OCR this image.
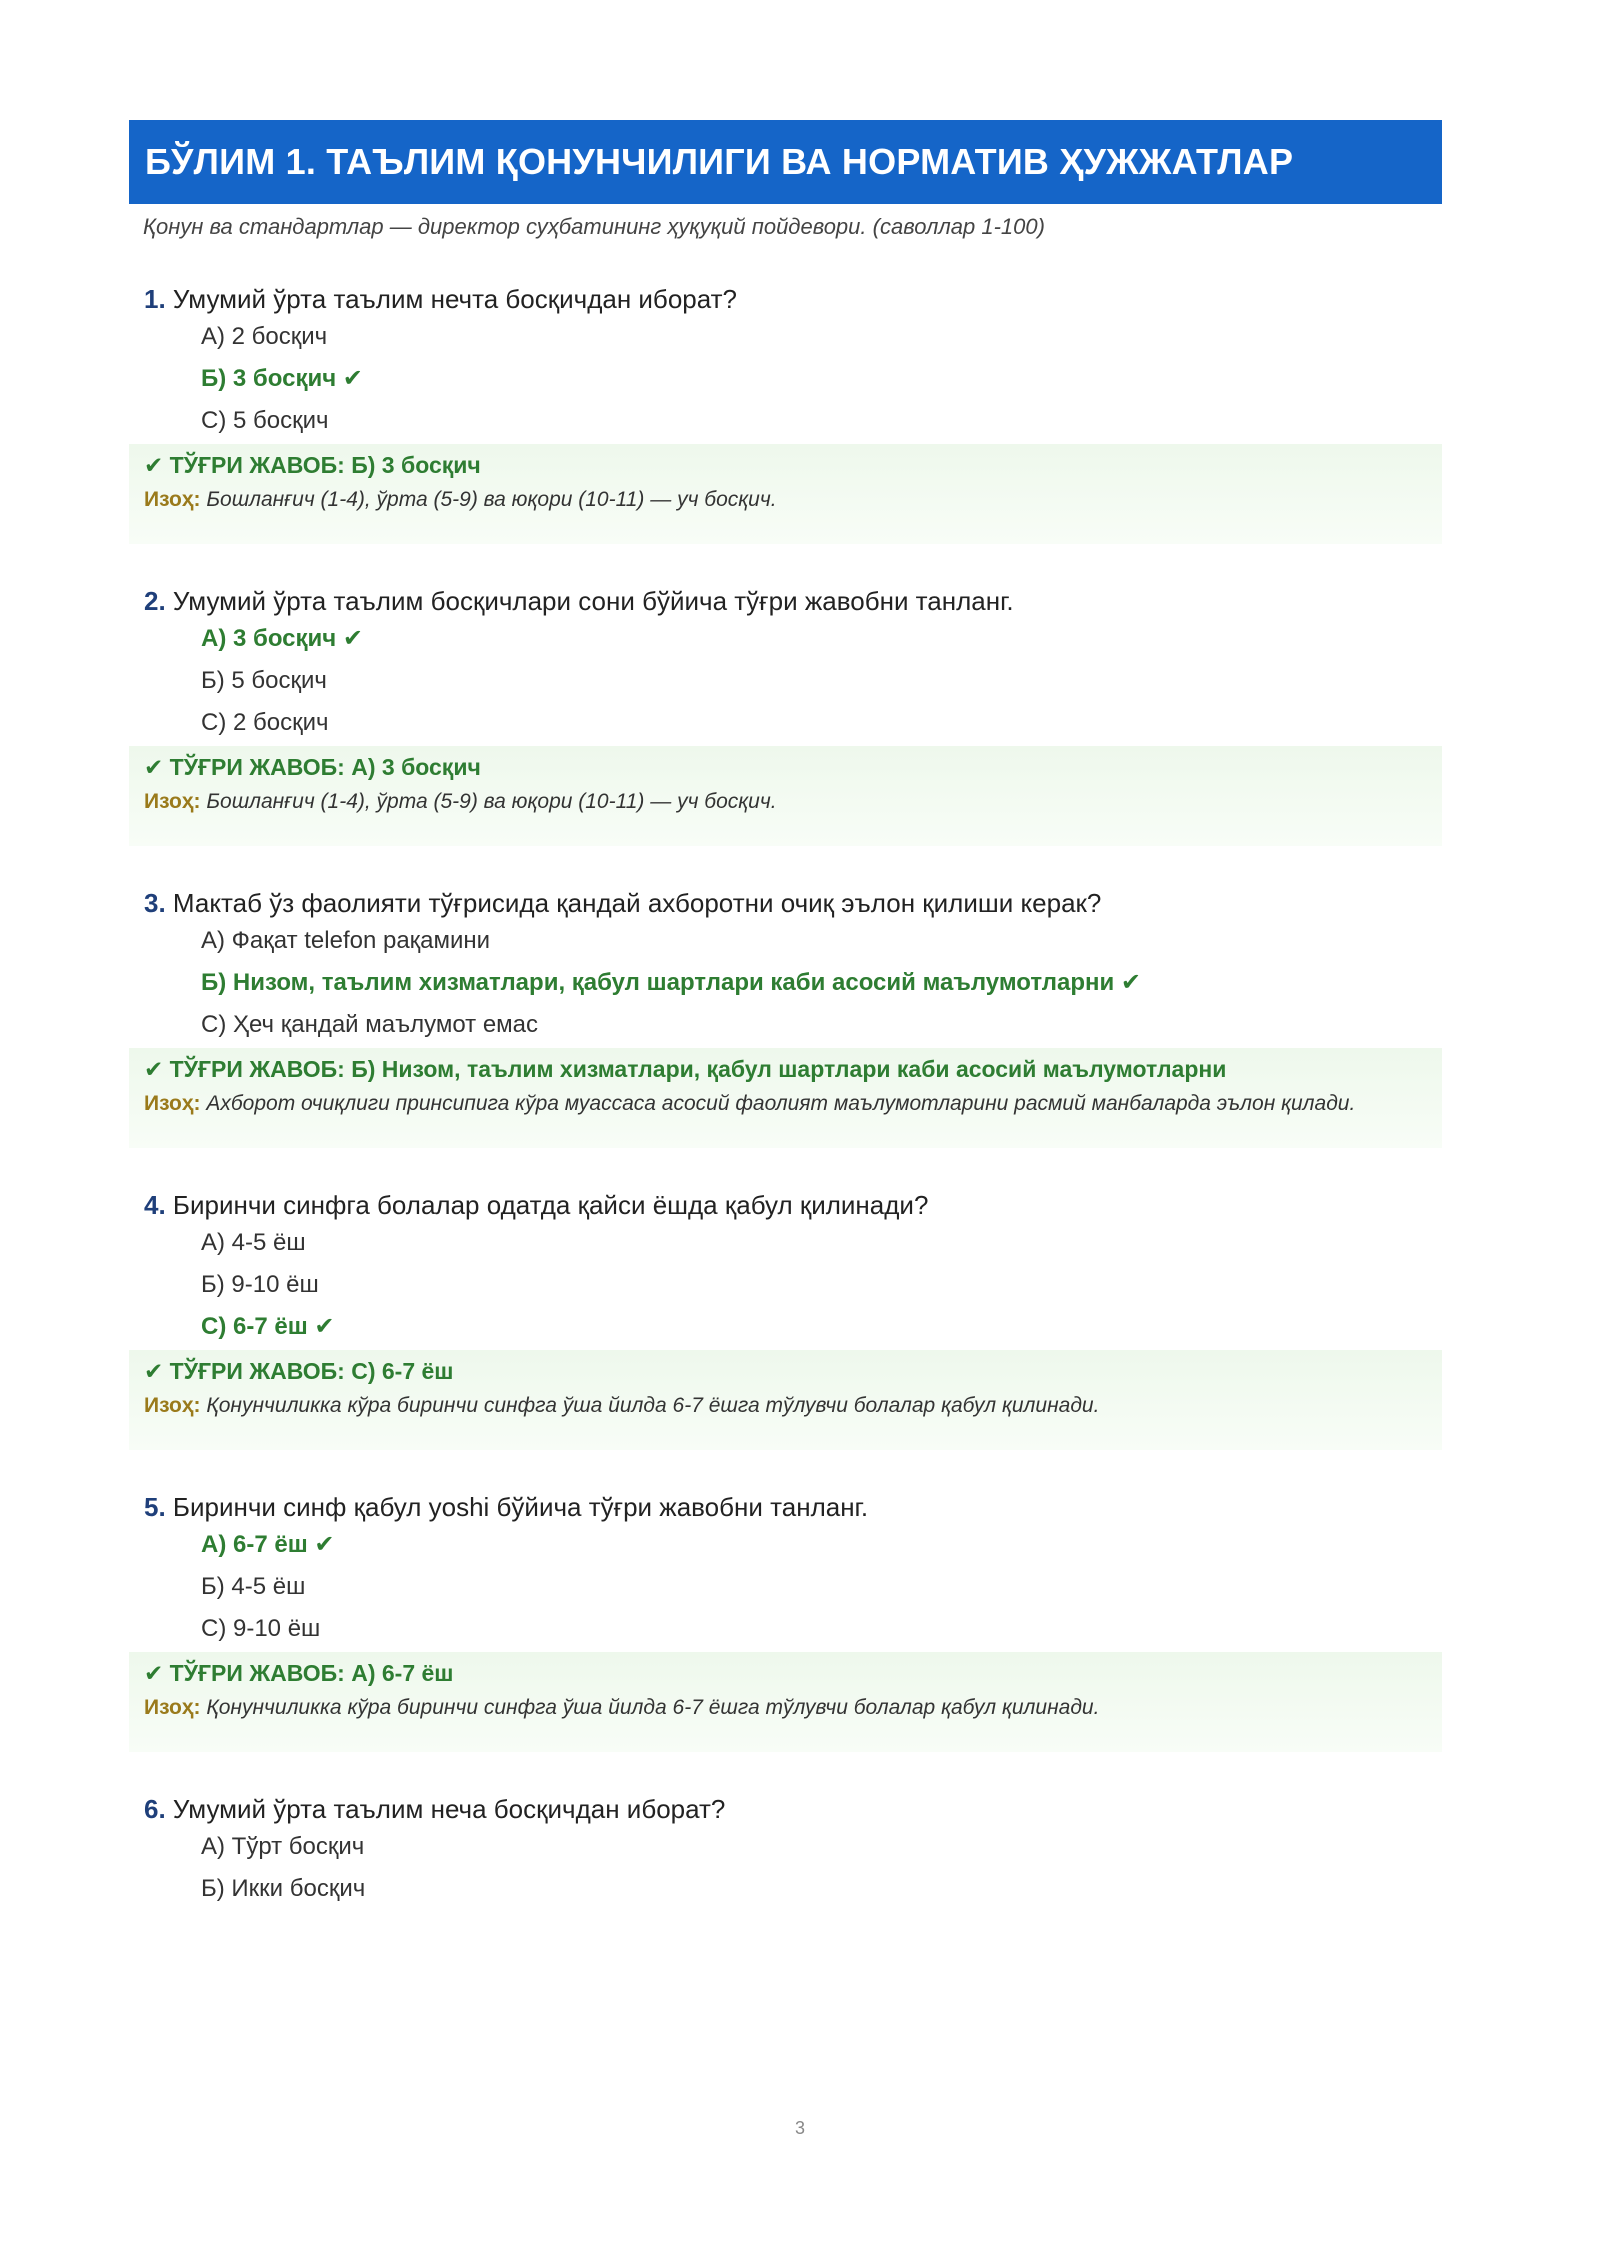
БЎЛИМ 1. ТАЪЛИМ ҚОНУНЧИЛИГИ ВА НОРМАТИВ ҲУЖЖАТЛАР
Қонун ва стандартлар — директор суҳбатининг ҳуқуқий пойдевори. (саволлар 1-100)
1. Умумий ўрта таълим нечта босқичдан иборат?
А) 2 босқич
Б) 3 босқич ✔
С) 5 босқич
✔ ТЎҒРИ ЖАВОБ: Б) 3 босқич
Изоҳ: Бошланғич (1-4), ўрта (5-9) ва юқори (10-11) — уч босқич.
2. Умумий ўрта таълим босқичлари сони бўйича тўғри жавобни танланг.
А) 3 босқич ✔
Б) 5 босқич
С) 2 босқич
✔ ТЎҒРИ ЖАВОБ: А) 3 босқич
Изоҳ: Бошланғич (1-4), ўрта (5-9) ва юқори (10-11) — уч босқич.
3. Мактаб ўз фаолияти тўғрисида қандай ахборотни очиқ эълон қилиши керак?
А) Фақат telefon рақамини
Б) Низом, таълим хизматлари, қабул шартлари каби асосий маълумотларни ✔
С) Ҳеч қандай маълумот емас
✔ ТЎҒРИ ЖАВОБ: Б) Низом, таълим хизматлари, қабул шартлари каби асосий маълумотларни
Изоҳ: Ахборот очиқлиги принсипига кўра муассаса асосий фаолият маълумотларини расмий манбаларда эълон қилади.
4. Биринчи синфга болалар одатда қайси ёшда қабул қилинади?
А) 4-5 ёш
Б) 9-10 ёш
С) 6-7 ёш ✔
✔ ТЎҒРИ ЖАВОБ: С) 6-7 ёш
Изоҳ: Қонунчиликка кўра биринчи синфга ўша йилда 6-7 ёшга тўлувчи болалар қабул қилинади.
5. Биринчи синф қабул yoshi бўйича тўғри жавобни танланг.
А) 6-7 ёш ✔
Б) 4-5 ёш
С) 9-10 ёш
✔ ТЎҒРИ ЖАВОБ: А) 6-7 ёш
Изоҳ: Қонунчиликка кўра биринчи синфга ўша йилда 6-7 ёшга тўлувчи болалар қабул қилинади.
6. Умумий ўрта таълим неча босқичдан иборат?
А) Тўрт босқич
Б) Икки босқич
3
